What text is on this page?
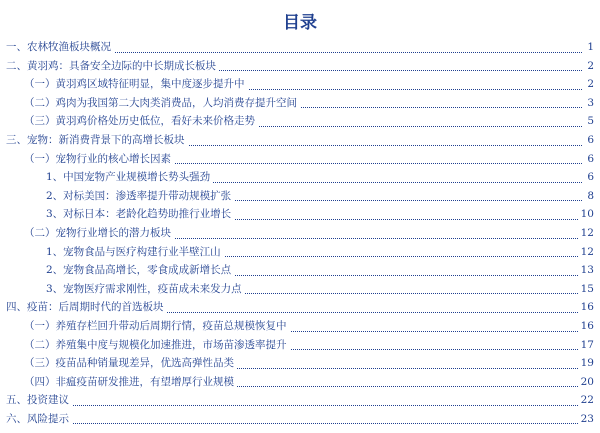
目录
一、农林牧渔板块概况	1
二、黄羽鸡：具备安全边际的中长期成长板块	2
（一）黄羽鸡区域特征明显，集中度逐步提升中	2
（二）鸡肉为我国第二大肉类消费品，人均消费存提升空间	3
（三）黄羽鸡价格处历史低位，看好未来价格走势	5
三、宠物：新消费背景下的高增长板块	6
（一）宠物行业的核心增长因素	6
1、中国宠物产业规模增长势头强劲	6
2、对标美国：渗透率提升带动规模扩张	8
3、对标日本：老龄化趋势助推行业增长	10
（二）宠物行业增长的潜力板块	12
1、宠物食品与医疗构建行业半壁江山	12
2、宠物食品高增长，零食成成新增长点	13
3、宠物医疗需求刚性，疫苗成未来发力点	15
四、疫苗：后周期时代的首选板块	16
（一）养殖存栏回升带动后周期行情，疫苗总规模恢复中	16
（二）养殖集中度与规模化加速推进，市场苗渗透率提升	17
（三）疫苗品种销量现差异，优选高弹性品类	19
（四）非瘟疫苗研发推进，有望增厚行业规模	20
五、投资建议	22
六、风险提示	23
